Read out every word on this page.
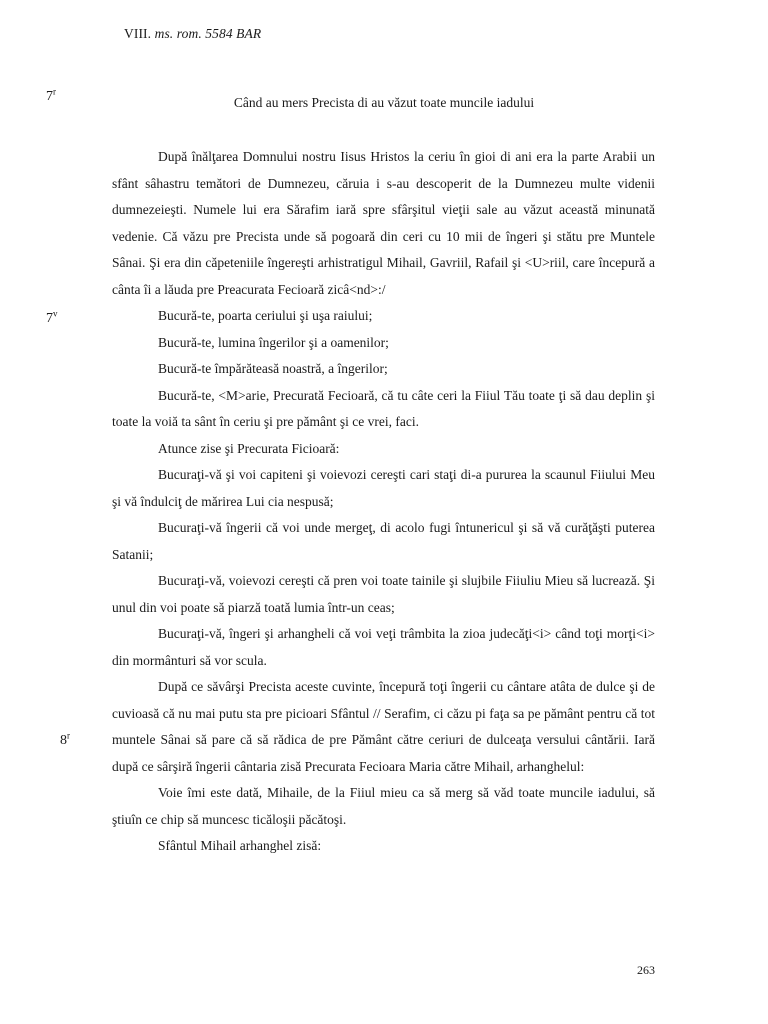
VIII. ms. rom. 5584 BAR
7$^r$
7$^v$
8$^r$
Când au mers Precista di au văzut toate muncile iadului

După înălţarea Domnului nostru Iisus Hristos la ceriu în gioi di ani era la parte Arabii un sfânt sâhastru temători de Dumnezeu, căruia i s-au descoperit de la Dumnezeu multe videnii dumnezeieşti. Numele lui era Sărafim iară spre sfârşitul vieţii sale au văzut această minunată vedenie. Că văzu pre Precista unde să pogoară din ceri cu 10 mii de îngeri şi stătu pre Muntele Sânai. Şi era din căpeteniile îngereşti arhistratigul Mihail, Gavriil, Rafail şi <U>riil, care începură a cânta îi a lăuda pre Preacurata Fecioară zicâ<nd>:/

Bucură-te, poarta ceriului şi uşa raiului;

Bucură-te, lumina îngerilor şi a oamenilor;

Bucură-te împărăteasă noastră, a îngerilor;

Bucură-te, <M>arie, Precurată Fecioară, că tu câte ceri la Fiiul Tău toate ţi să dau deplin şi toate la voiă ta sânt în ceriu şi pre pământ şi ce vrei, faci.

Atunce zise şi Precurata Ficioară:

Bucuraţi-vă şi voi capiteni şi voievozi cereşti cari staţi di-a pururea la scaunul Fiiului Meu şi vă îndulciţ de mărirea Lui cia nespusă;

Bucuraţi-vă îngerii că voi unde mergeţ, di acolo fugi întunericul şi să vă curăţăşti puterea Satanii;

Bucuraţi-vă, voievozi cereşti că pren voi toate tainile şi slujbile Fiiuliu Mieu să lucrează. Şi unul din voi poate să piarză toată lumia într-un ceas;

Bucuraţi-vă, îngeri şi arhangheli că voi veţi trâmbita la zioa judecăţi<i> când toţi morţi<i> din mormânturi să vor scula.

După ce săvârşi Precista aceste cuvinte, începură toţi îngerii cu cântare atâta de dulce şi de cuvioasă că nu mai putu sta pre picioari Sfântul // Serafim, ci căzu pi faţa sa pe pământ pentru că tot muntele Sânai să pare că să rădica de pre Pământ către ceriuri de dulceaţa versului cântării. Iară după ce sârşiră îngerii cântaria zisă Precurata Fecioara Maria către Mihail, arhanghelul:

Voie îmi este dată, Mihaile, de la Fiiul mieu ca să merg să văd toate muncile iadului, să ştiuîn ce chip să muncesc ticăloşii păcătoşi.

Sfântul Mihail arhanghel zisă:

263
